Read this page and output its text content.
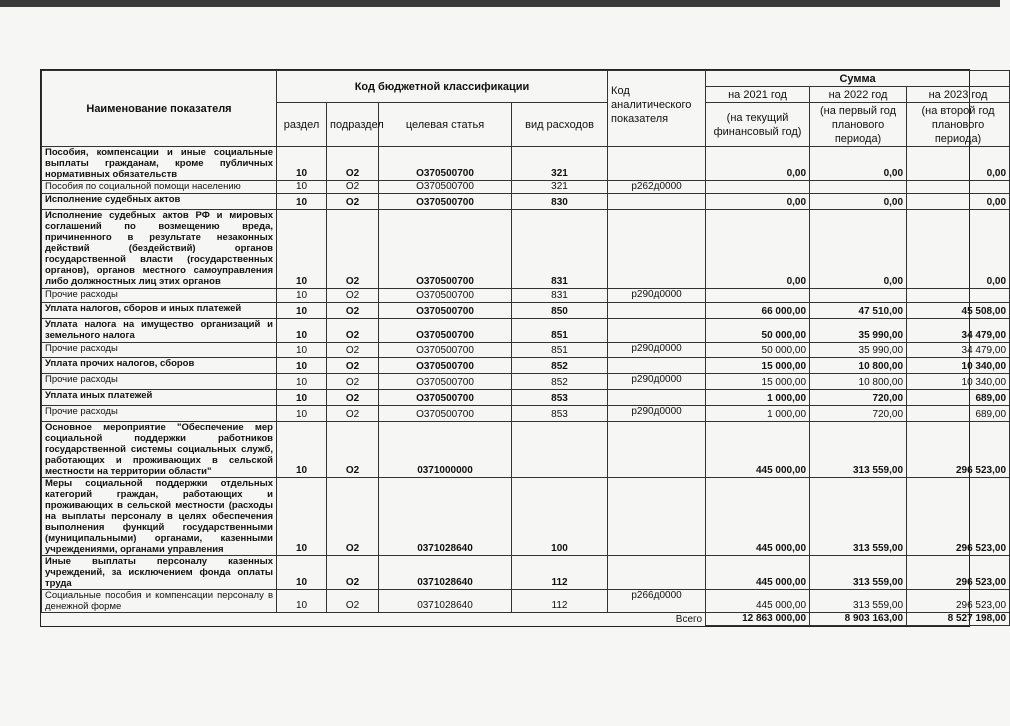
Наименование показателя	Код бюджетной классификации				Код аналитического показателя	Сумма		
						на 2021 год	на 2022 год	на 2023 год
	раздел	подраздел	целевая статья	вид расходов		(на текущий финансовый год)	(на первый год планового периода)	(на второй год планового периода)
Пособия, компенсации и иные социальные выплаты гражданам, кроме публичных нормативных обязательств	10	О2	О370500700	321		0,00	0,00	0,00
Пособия по социальной помощи населению	10	О2	О370500700	321	р262д0000			
Исполнение судебных актов	10	О2	О370500700	830		0,00	0,00	0,00
Исполнение судебных актов РФ и мировых соглашений по возмещению вреда, причиненного в результате незаконных действий (бездействий) органов государственной власти (государственных органов), органов местного самоуправления либо должностных лиц этих органов	10	О2	О370500700	831		0,00	0,00	0,00
Прочие расходы	10	О2	О370500700	831	р290д0000			
Уплата налогов, сборов и иных платежей	10	О2	О370500700	850		66 000,00	47 510,00	45 508,00
Уплата налога на имущество организаций и земельного налога	10	О2	О370500700	851		50 000,00	35 990,00	34 479,00
Прочие расходы	10	О2	О370500700	851	р290д0000	50 000,00	35 990,00	34 479,00
Уплата прочих налогов, сборов	10	О2	О370500700	852		15 000,00	10 800,00	10 340,00
Прочие расходы	10	О2	О370500700	852	р290д0000	15 000,00	10 800,00	10 340,00
Уплата иных платежей	10	О2	О370500700	853		1 000,00	720,00	689,00
Прочие расходы	10	О2	О370500700	853	р290д0000	1 000,00	720,00	689,00
Основное мероприятие "Обеспечение мер социальной поддержки работников государственной системы социальных служб, работающих и проживающих в сельской местности на территории области"	10	О2	0371000000			445 000,00	313 559,00	296 523,00
Меры социальной поддержки отдельных категорий граждан, работающих и проживающих в сельской местности (расходы на выплаты персоналу в целях обеспечения выполнения функций государственными (муниципальными) органами, казенными учреждениями, органами управления	10	О2	0371028640	100		445 000,00	313 559,00	296 523,00
Иные выплаты персоналу казенных учреждений, за исключением фонда оплаты труда	10	О2	0371028640	112		445 000,00	313 559,00	296 523,00
Социальные пособия и компенсации персоналу в денежной форме	10	О2	0371028640	112	р266д0000	445 000,00	313 559,00	296 523,00
Всего						12 863 000,00	8 903 163,00	8 527 198,00
